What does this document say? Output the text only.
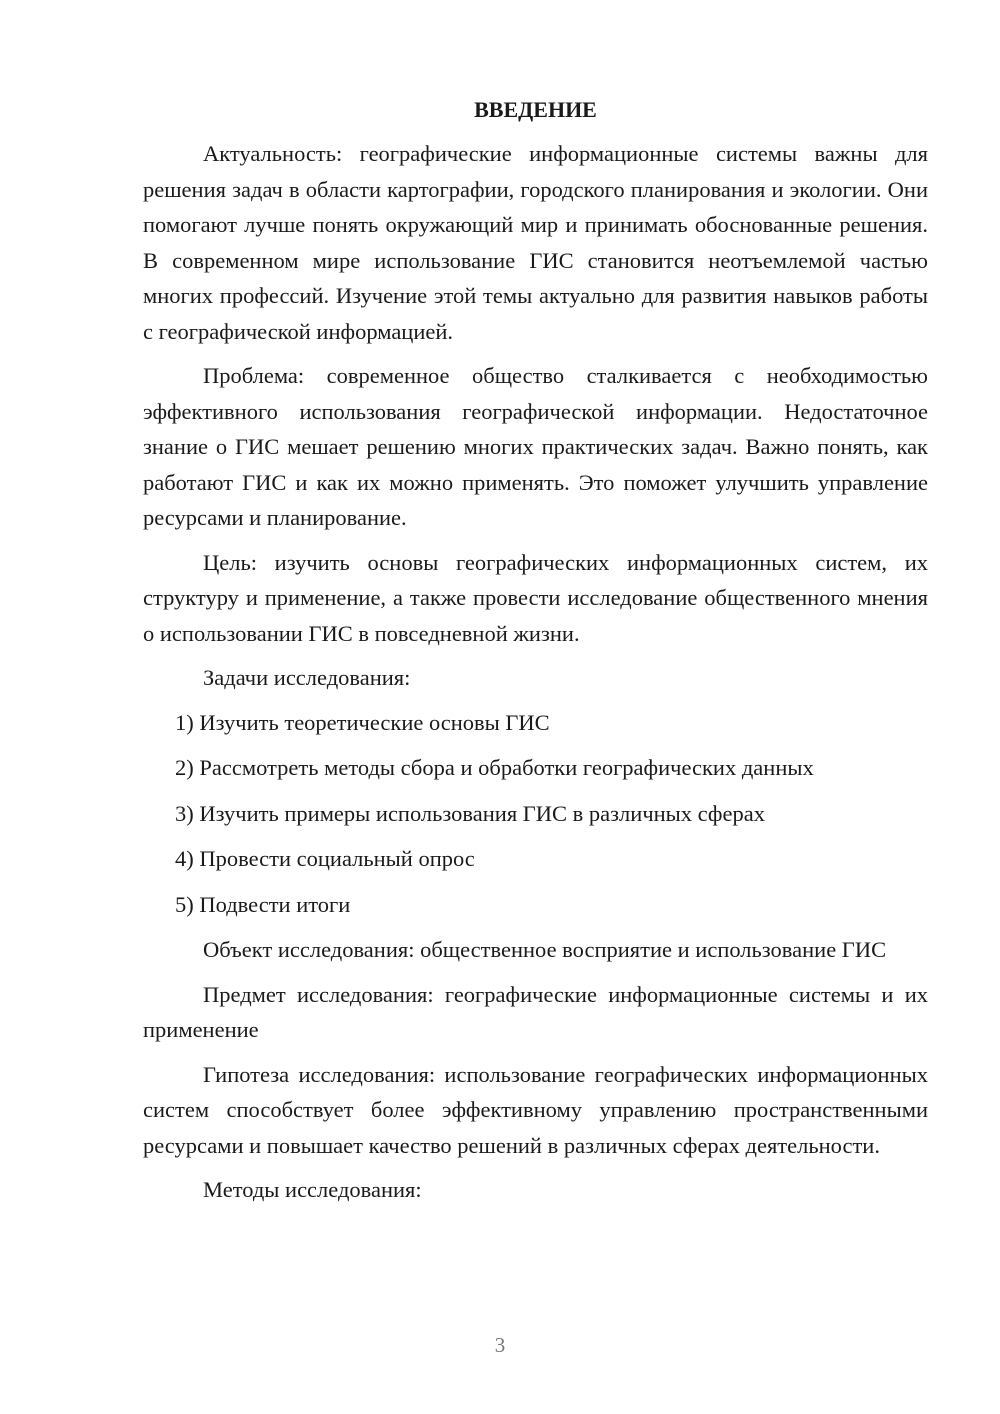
ВВЕДЕНИЕ

Актуальность: географические информационные системы важны для решения задач в области картографии, городского планирования и экологии. Они помогают лучше понять окружающий мир и принимать обоснованные решения. В современном мире использование ГИС становится неотъемлемой частью многих профессий. Изучение этой темы актуально для развития навыков работы с географической информацией.

Проблема: современное общество сталкивается с необходимостью эффективного использования географической информации. Недостаточное знание о ГИС мешает решению многих практических задач. Важно понять, как работают ГИС и как их можно применять. Это поможет улучшить управление ресурсами и планирование.

Цель: изучить основы географических информационных систем, их структуру и применение, а также провести исследование общественного мнения о использовании ГИС в повседневной жизни.

Задачи исследования:

1) Изучить теоретические основы ГИС
2) Рассмотреть методы сбора и обработки географических данных
3) Изучить примеры использования ГИС в различных сферах
4) Провести социальный опрос
5) Подвести итоги

Объект исследования: общественное восприятие и использование ГИС

Предмет исследования: географические информационные системы и их применение

Гипотеза исследования: использование географических информационных систем способствует более эффективному управлению пространственными ресурсами и повышает качество решений в различных сферах деятельности.

Методы исследования:

3
